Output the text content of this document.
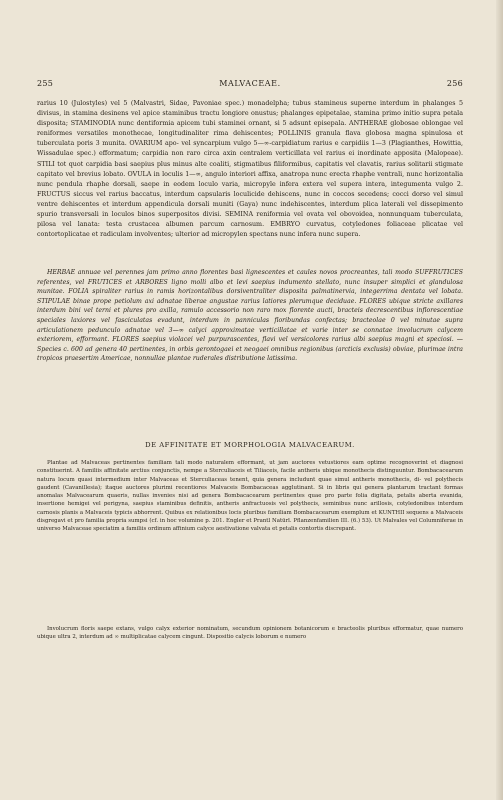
255	MALVACEAE.	256

rarius 10 (Julostyles) vel 5 (Malvastri, Sidae, Pavoniae spec.) monadelpha; tubus stamineus superne interdum in phalanges 5 divisus, in stamina desinens vel apice staminibus tractu longiore onustus; phalanges epipetalae, stamina primo initio supra petala disposita; STAMINODIA nunc dentiformia apicem tubi staminei ornant, si 5 adsunt episepala. ANTHERAE globosae oblongae vel reniformes versatiles monothecae, longitudinaliter rima dehiscentes; POLLINIS granula flava globosa magna spinulosa et tuberculata poris 3 munita. OVARIUM apo- vel syncarpium vulgo 5—∞-carpidiatum rarius e carpidiis 1—3 (Plagianthes, Howittia, Wissadulae spec.) efformatum; carpidia non raro circa axin centralem verticillata vel rarius ei inordinate apposita (Malopeae). STILI tot quot carpidia basi saepius plus minus alte coaliti, stigmatibus filiformibus, capitatis vel clavatis, rarius solitarii stigmate capitato vel brevius lobato. OVULA in loculis 1—∞, angulo interiori affixa, anatropa nunc erecta rhaphe ventrali, nunc horizontalia nunc pendula rhaphe dorsali, saepe in eodem loculo varia, micropyle infera extera vel supera intera, integumenta vulgo 2. FRUCTUS siccus vel rarius baccatus, interdum capsularis loculicide dehiscens, nunc in coccos secedens; cocci dorso vel simul ventre dehiscentes et interdum appendicula dorsali muniti (Gaya) nunc indehiscentes, interdum plica laterali vel dissepimento spurio transversali in loculos binos superpositos divisi. SEMINA reniformia vel ovata vel obovoidea, nonnunquam tuberculata, pilosa vel lanata: testa crustacea albumen parcum carnosum. EMBRYO curvatus, cotyledones foliaceae plicatae vel contortoplicatae et radiculam involventes; ulterior ad micropylen spectans nunc infera nunc supera.

HERBAE annuae vel perennes jam primo anno florentes basi lignescentes et caules novos procreantes, tali modo SUFFRUTICES referentes, vel FRUTICES et ARBORES ligno molli albo et levi saepius indumento stellato, nunc insuper simplici et glandulosa munitae. FOLIA spiraliter rarius in ramis horizontalibus dorsiventraliter disposita palmatinervia, integerrima dentata vel lobata. STIPULAE binae prope petiolum axi adnatae liberae angustae rarius latiores plerumque deciduae. FLORES ubique stricte axillares interdum bini vel terni et plures pro axilla, ramulo accessorio non raro mox florente aucti, bracteis decrescentibus inflorescentiae speciales laxiores vel fasciculatas evadunt, interdum in panniculas floribundas confectas; bracteolae 0 vel minutae supra articulationem pedunculo adnatae vel 3—∞ calyci approximatae verticillatae et varie inter se connatae involucrum calycem exteriorem, efformant. FLORES saepius violacei vel purpurascentes, flavi vel versicolores rarius albi saepius magni et speciosi. — Species c. 600 ad genera 40 pertinentes, in orbis gerontogaei et neogaei omnibus regionibus (arcticis exclusis) obviae, plurimae intra tropicos praesertim Americae, nonnullae plantae ruderales distributione latissima.

DE AFFINITATE ET MORPHOLOGIA MALVACEARUM.

Plantae ad Malvaceas pertinentes familiam tali modo naturalem efformant, ut jam auctores vetustiores eam optime recognoverint et diagnosi constituerint. A familiis affinitate arctius conjunctis, nempe a Sterculiaceis et Tiliaceis, facile antheris ubique monothecis distinguuntur. Bombacacearum natura locum quasi intermedium inter Malvaceas et Sterculiaceas tenent, quia genera includunt quae simul antheris monothecis, di- vel polythecis gaudent (Cavanillesia); itaque auctores plurimi recentiores Malvaceis Bombacaceas agglutinant. Si in libris qui genera plantarum tractant formas anomalas Malvacearum quaeris, nullas invenies nisi ad genera Bombacacearum pertinentes quae pro parte folia digitata, petalis aberta evanida, insertione hemigei vel perigyna, saepius staminibus definitis, antheris anfractuosis vel polythecis, seminibus nunc arillosis, cotyledonibus interdum carnosis planis a Malvaceis typicis abhorrent. Quibus ex relationibus locis pluribus familiam Bombacacearum exemplum et KUNTHII sequens a Malvaceis disgregavi et pro familia propria sumpsi (cf. in hoc volumine p. 201. Engler et Prantl Natürl. Pflanzenfamilien III. (6.) 53). Ut Malvales vel Columniferae in universo Malvaceae speciatim a familiis ordinum affinium calyce aestivatione valvata et petalis contortis discrepant.

Involucrum floris saepe extans, vulgo calyx exterior nominatum, secundum opinionem botanicorum e bracteolis pluribus efformatur, quae numero ubique ultra 2, interdum ad ∞ multiplicatae calycem cingunt. Dispositio calycis loborum e numero
